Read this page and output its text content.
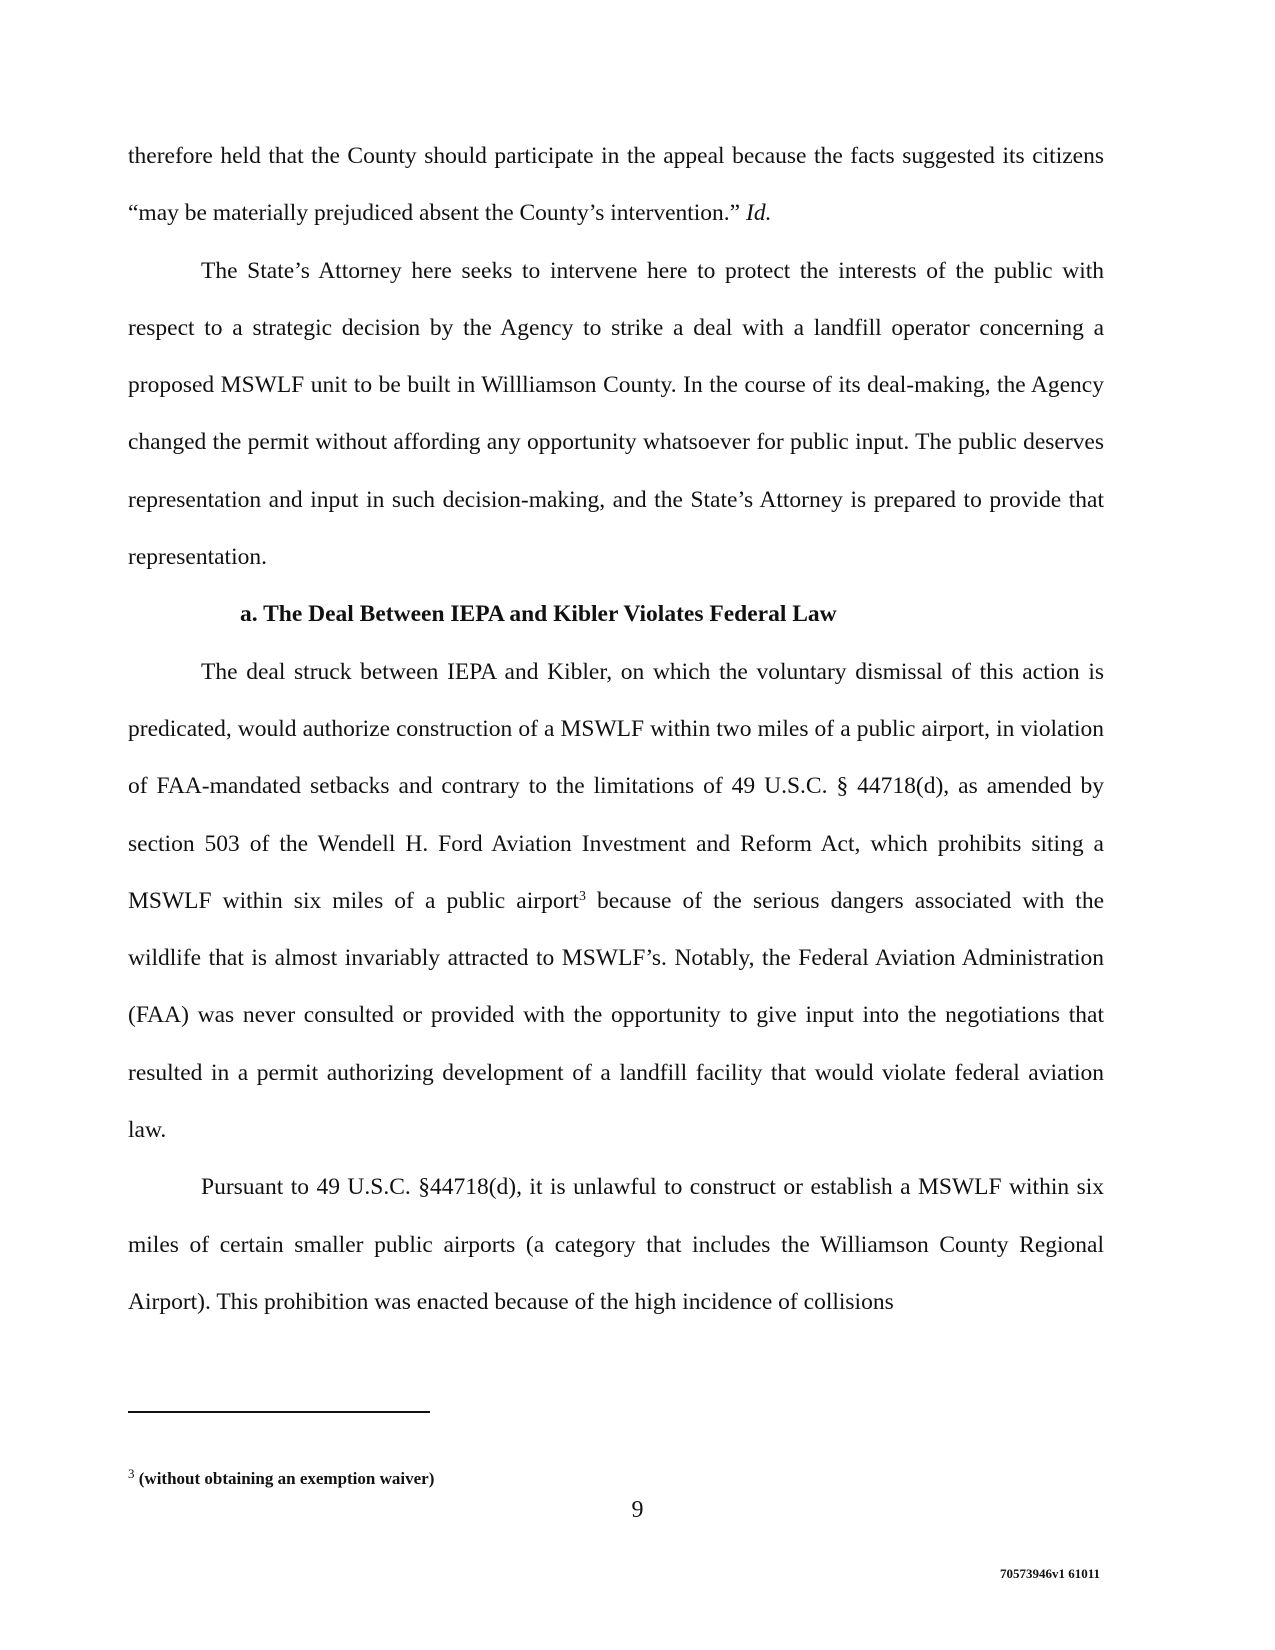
therefore held that the County should participate in the appeal because the facts suggested its citizens “may be materially prejudiced absent the County’s intervention.” Id.

The State’s Attorney here seeks to intervene here to protect the interests of the public with respect to a strategic decision by the Agency to strike a deal with a landfill operator concerning a proposed MSWLF unit to be built in Willliamson County. In the course of its deal-making, the Agency changed the permit without affording any opportunity whatsoever for public input. The public deserves representation and input in such decision-making, and the State’s Attorney is prepared to provide that representation.

a. The Deal Between IEPA and Kibler Violates Federal Law

The deal struck between IEPA and Kibler, on which the voluntary dismissal of this action is predicated, would authorize construction of a MSWLF within two miles of a public airport, in violation of FAA-mandated setbacks and contrary to the limitations of 49 U.S.C. § 44718(d), as amended by section 503 of the Wendell H. Ford Aviation Investment and Reform Act, which prohibits siting a MSWLF within six miles of a public airport$^3$ because of the serious dangers associated with the wildlife that is almost invariably attracted to MSWLF’s. Notably, the Federal Aviation Administration (FAA) was never consulted or provided with the opportunity to give input into the negotiations that resulted in a permit authorizing development of a landfill facility that would violate federal aviation law.

Pursuant to 49 U.S.C. §44718(d), it is unlawful to construct or establish a MSWLF within six miles of certain smaller public airports (a category that includes the Williamson County Regional Airport). This prohibition was enacted because of the high incidence of collisions

$^3$ (without obtaining an exemption waiver)
9
70573946v1 61011
